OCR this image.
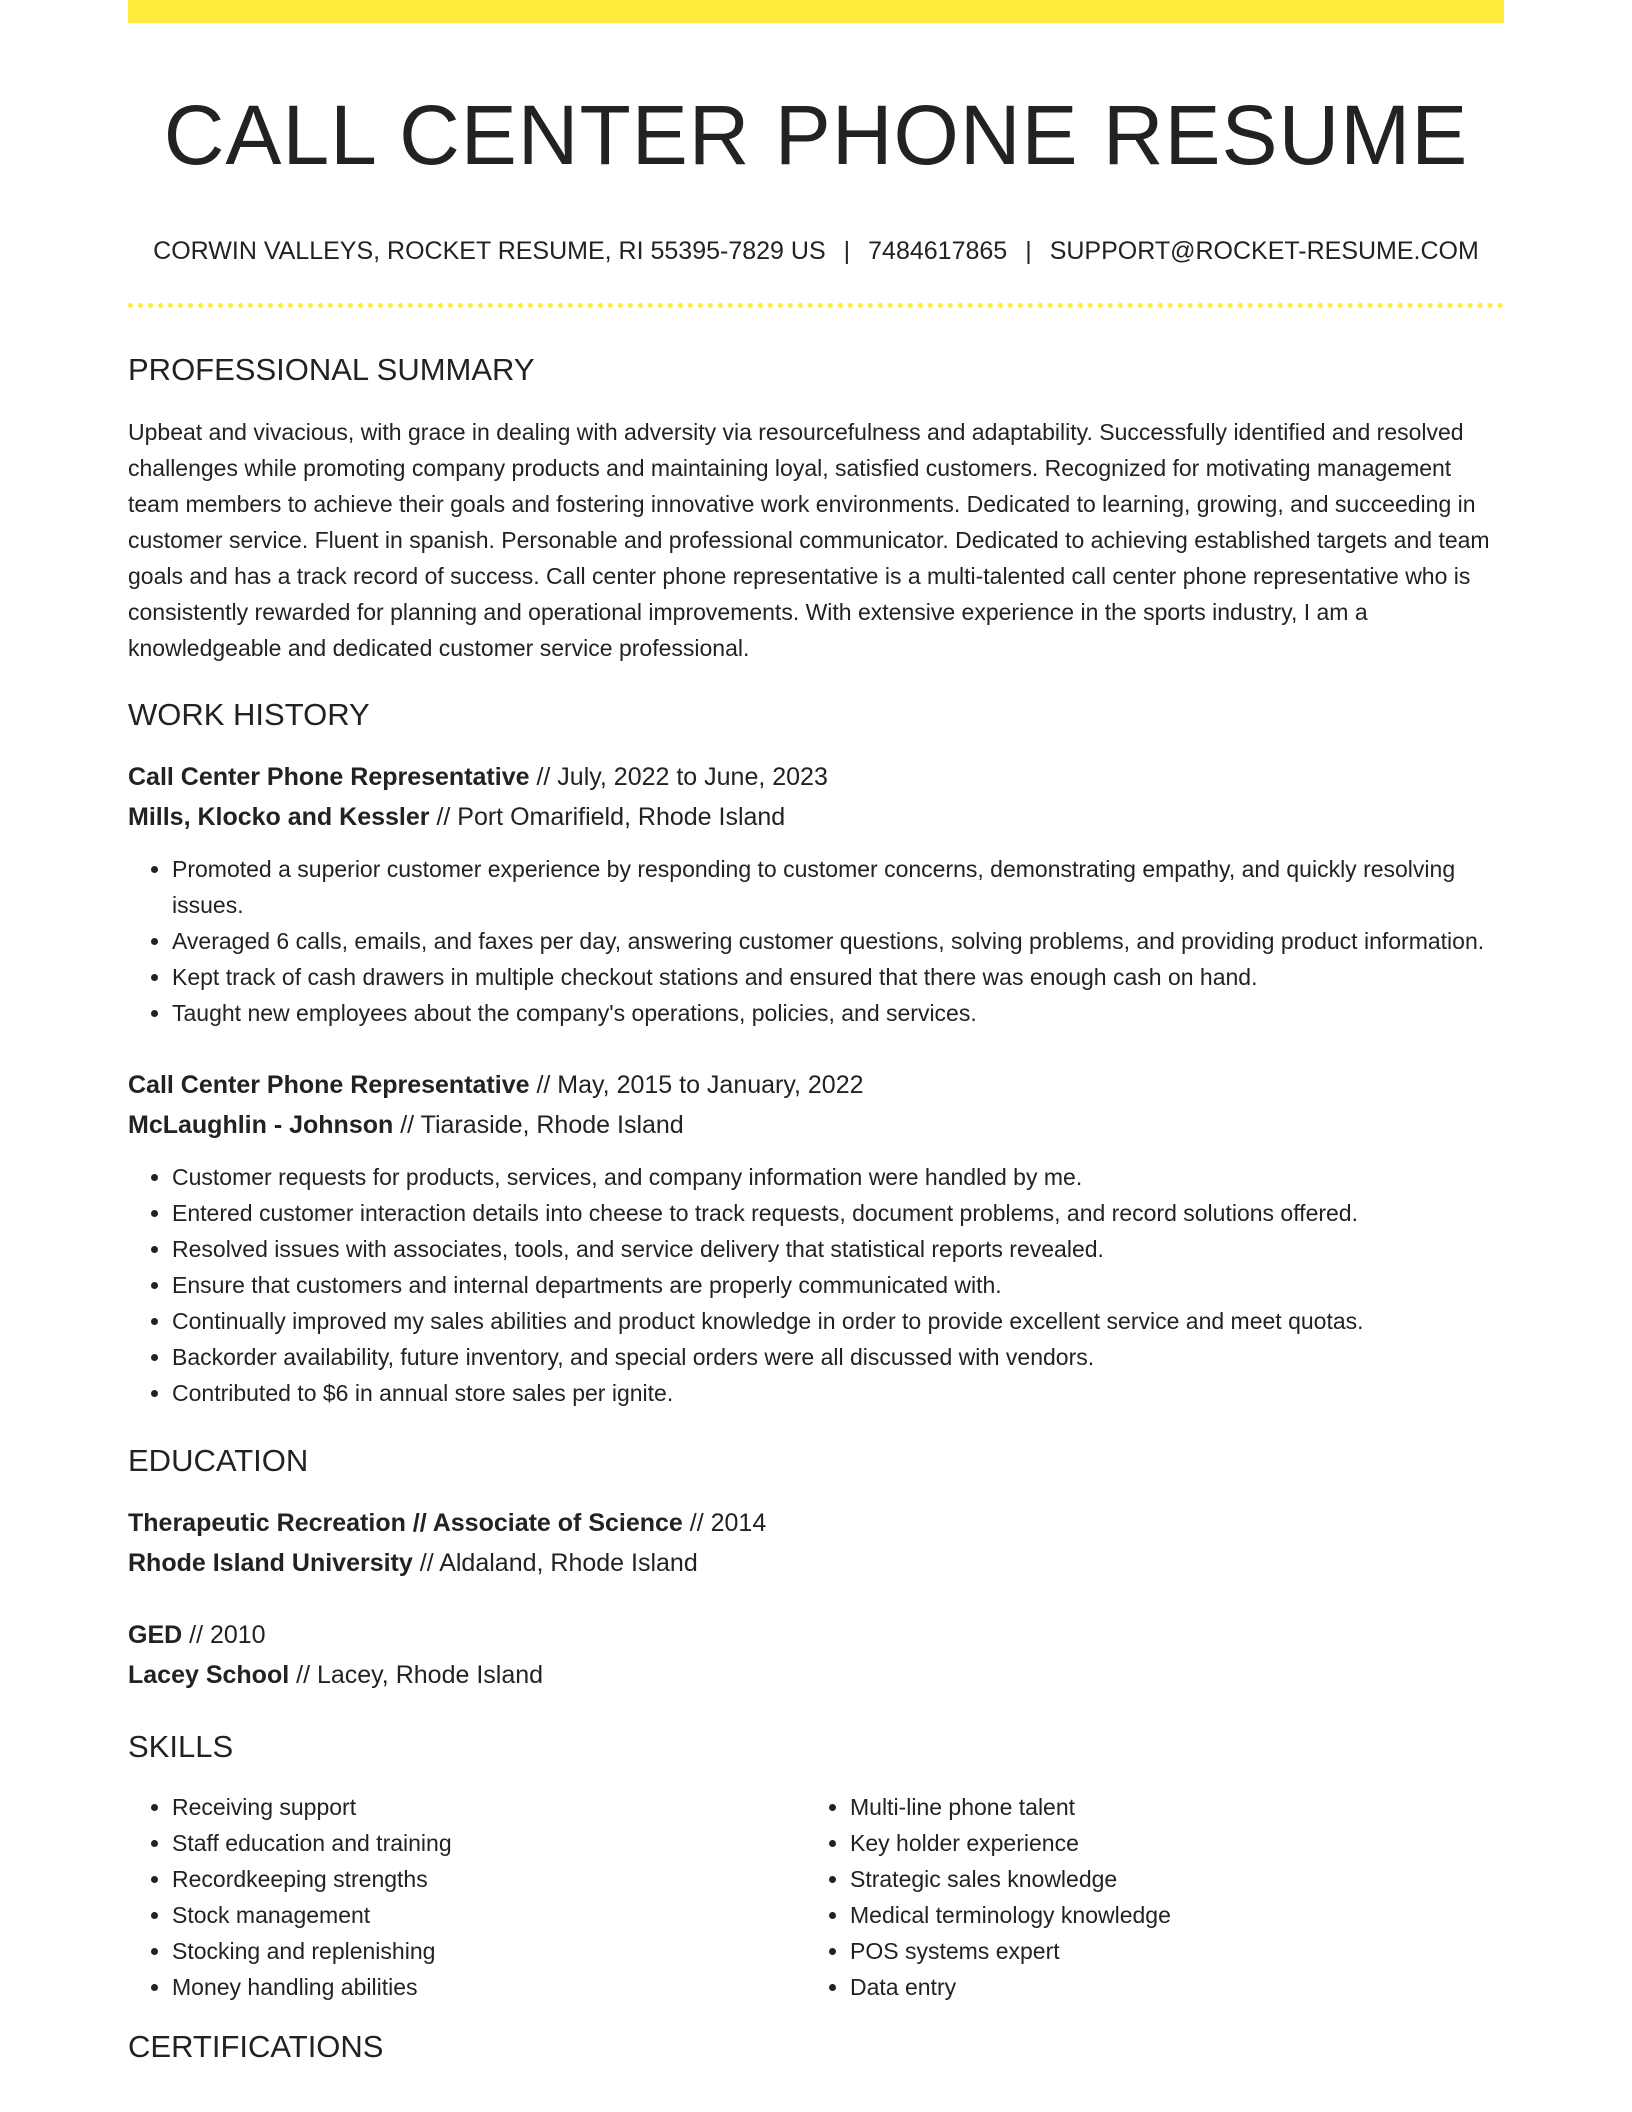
CALL CENTER PHONE RESUME
CORWIN VALLEYS, ROCKET RESUME, RI 55395-7829 US | 7484617865 | SUPPORT@ROCKET-RESUME.COM
PROFESSIONAL SUMMARY
Upbeat and vivacious, with grace in dealing with adversity via resourcefulness and adaptability. Successfully identified and resolved challenges while promoting company products and maintaining loyal, satisfied customers. Recognized for motivating management team members to achieve their goals and fostering innovative work environments. Dedicated to learning, growing, and succeeding in customer service. Fluent in spanish. Personable and professional communicator. Dedicated to achieving established targets and team goals and has a track record of success. Call center phone representative is a multi-talented call center phone representative who is consistently rewarded for planning and operational improvements. With extensive experience in the sports industry, I am a knowledgeable and dedicated customer service professional.
WORK HISTORY
Call Center Phone Representative // July, 2022 to June, 2023
Mills, Klocko and Kessler // Port Omarifield, Rhode Island
• Promoted a superior customer experience by responding to customer concerns, demonstrating empathy, and quickly resolving issues.
• Averaged 6 calls, emails, and faxes per day, answering customer questions, solving problems, and providing product information.
• Kept track of cash drawers in multiple checkout stations and ensured that there was enough cash on hand.
• Taught new employees about the company's operations, policies, and services.
Call Center Phone Representative // May, 2015 to January, 2022
McLaughlin - Johnson // Tiaraside, Rhode Island
• Customer requests for products, services, and company information were handled by me.
• Entered customer interaction details into cheese to track requests, document problems, and record solutions offered.
• Resolved issues with associates, tools, and service delivery that statistical reports revealed.
• Ensure that customers and internal departments are properly communicated with.
• Continually improved my sales abilities and product knowledge in order to provide excellent service and meet quotas.
• Backorder availability, future inventory, and special orders were all discussed with vendors.
• Contributed to $6 in annual store sales per ignite.
EDUCATION
Therapeutic Recreation // Associate of Science // 2014
Rhode Island University // Aldaland, Rhode Island
GED // 2010
Lacey School // Lacey, Rhode Island
SKILLS
• Receiving support
• Staff education and training
• Recordkeeping strengths
• Stock management
• Stocking and replenishing
• Money handling abilities
• Multi-line phone talent
• Key holder experience
• Strategic sales knowledge
• Medical terminology knowledge
• POS systems expert
• Data entry
CERTIFICATIONS
